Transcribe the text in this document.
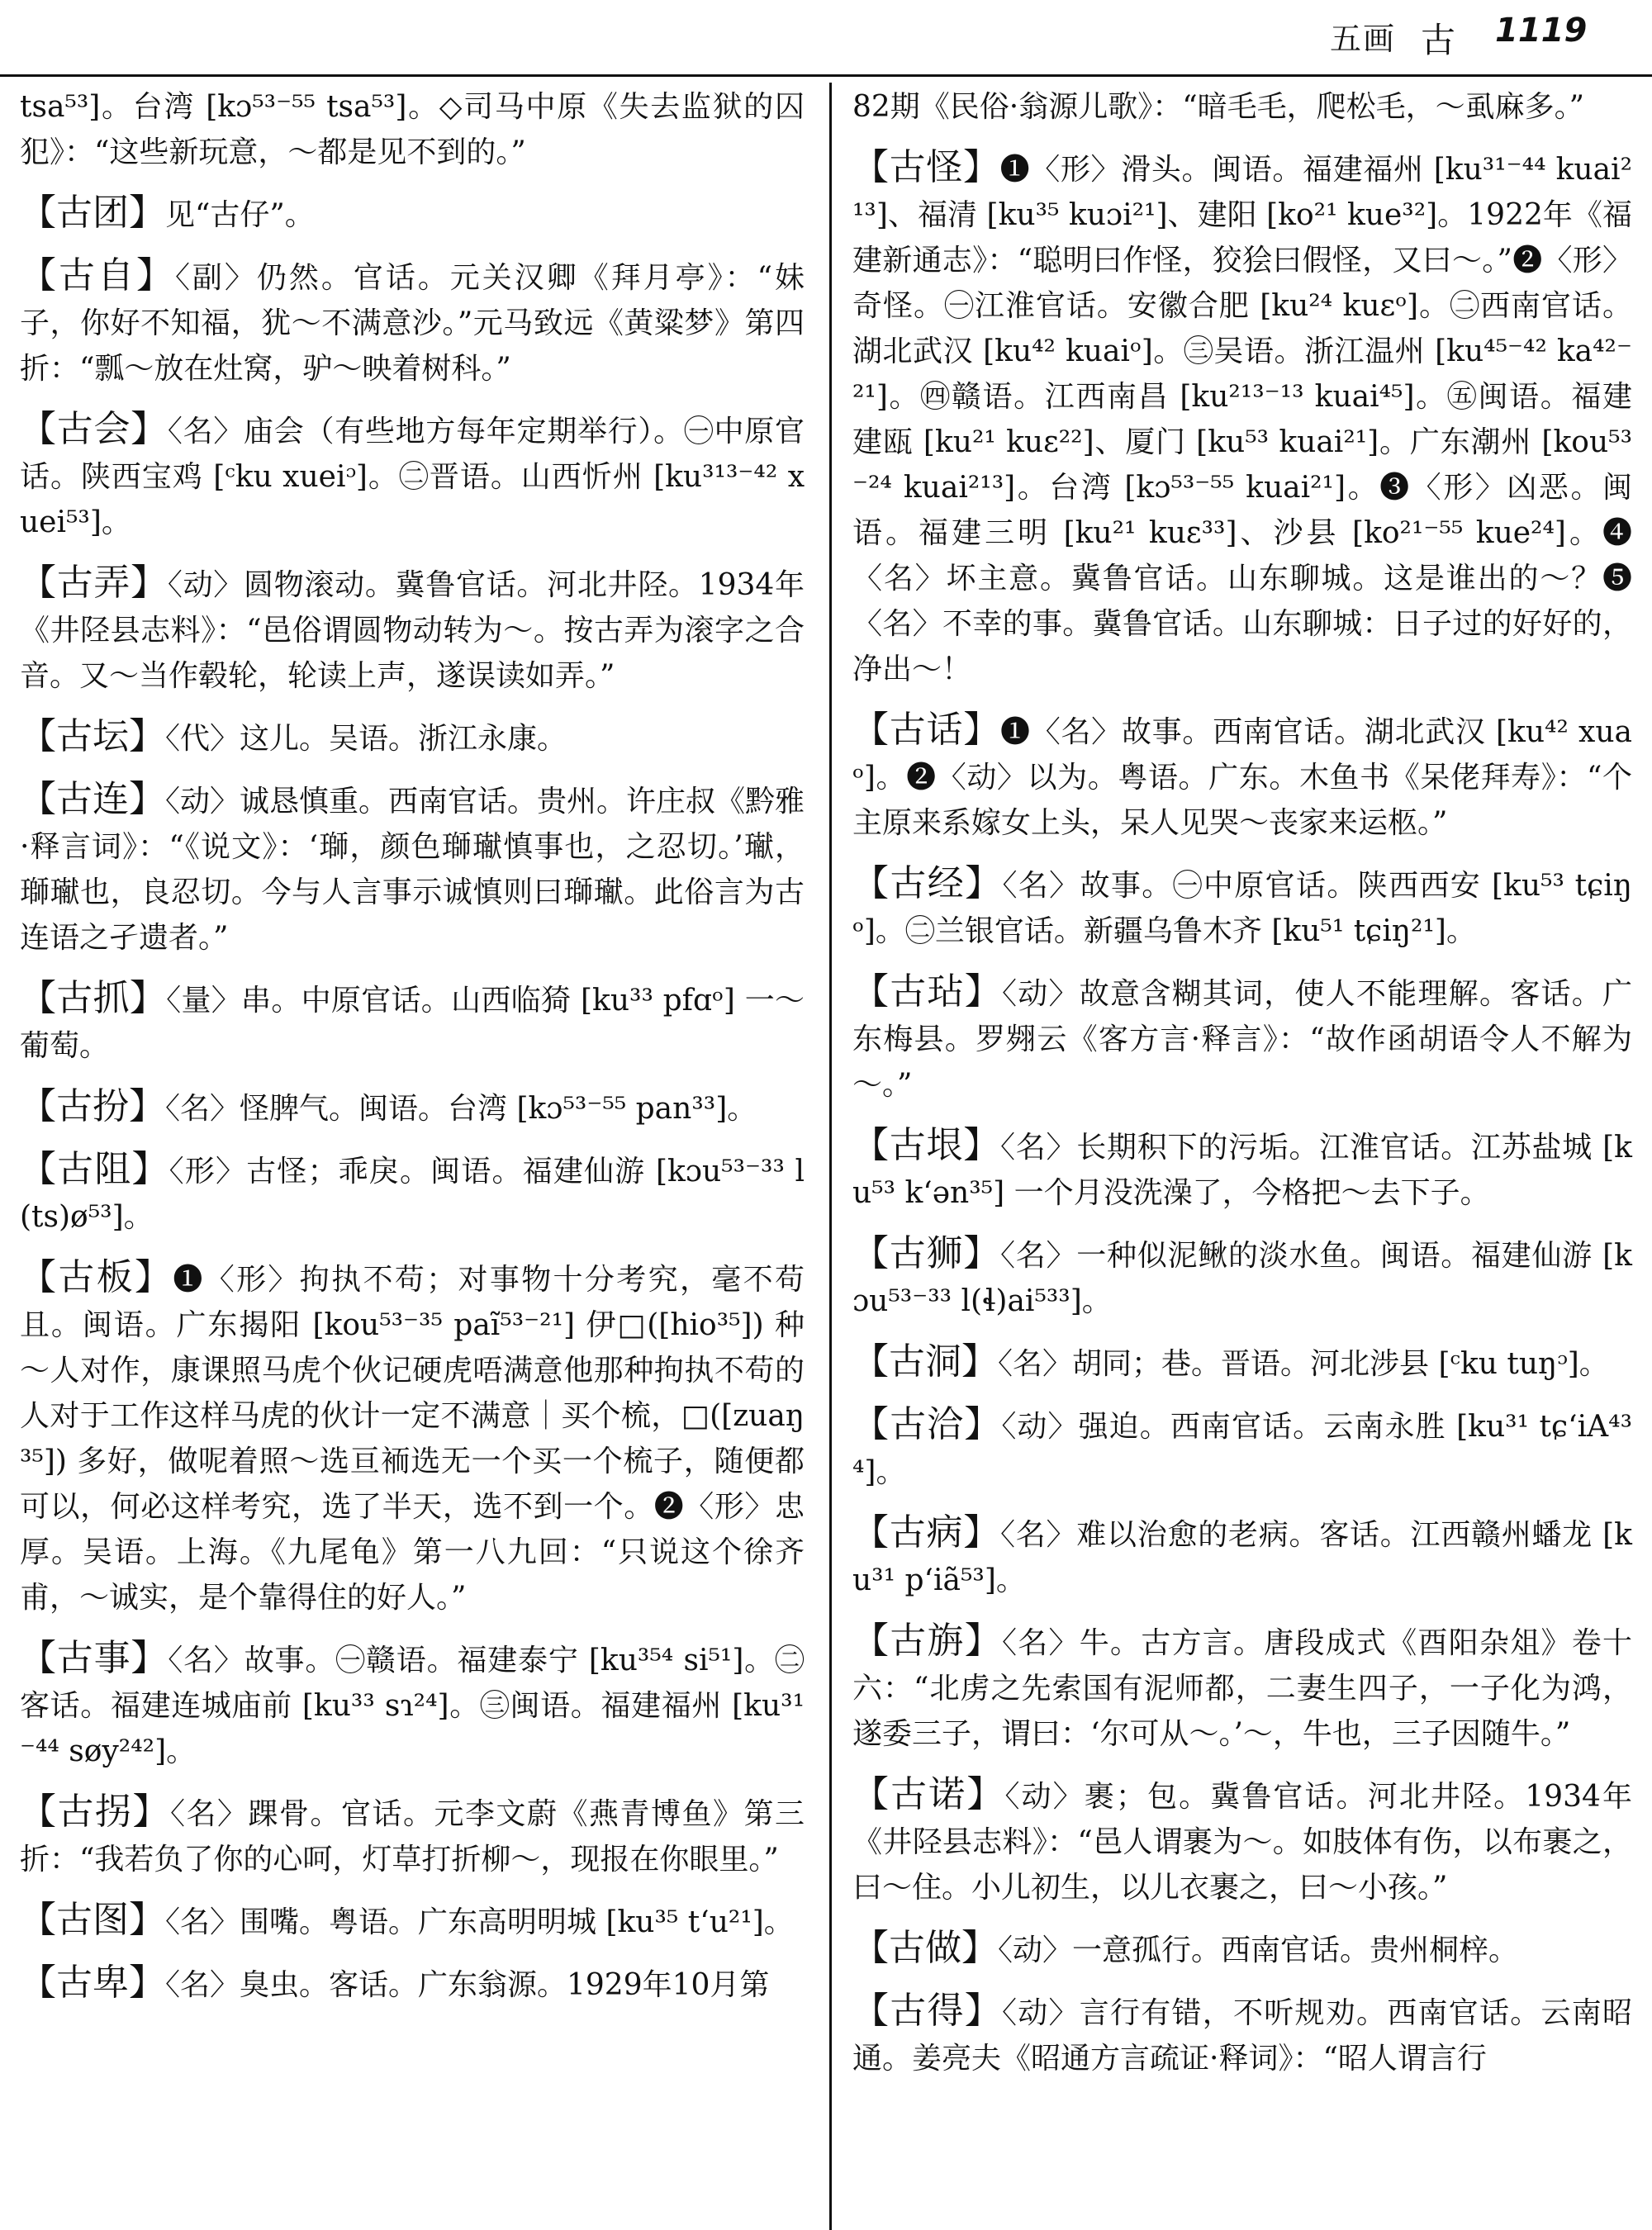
五画 古 1119

tsa⁵³]。台湾 [kɔ⁵³⁻⁵⁵ tsa⁵³]。◇司马中原《失去监狱的囚犯》：“这些新玩意，～都是见不到的。”

【古团】见“古仔”。

【古自】〈副〉仍然。官话。元关汉卿《拜月亭》：“妹子，你好不知福，犹～不满意沙。”元马致远《黄粱梦》第四折：“瓢～放在灶窝，驴～映着树科。”

【古会】〈名〉庙会（有些地方每年定期举行）。㊀中原官话。陕西宝鸡 [ᶜku xueiᵓ]。㊁晋语。山西忻州 [ku³¹³⁻⁴² xuei⁵³]。

【古弄】〈动〉圆物滚动。冀鲁官话。河北井陉。1934年《井陉县志料》：“邑俗谓圆物动转为～。按古弄为滚字之合音。又～当作毂轮，轮读上声，遂误读如弄。”

【古坛】〈代〉这儿。吴语。浙江永康。

【古连】〈动〉诚恳慎重。西南官话。贵州。许庄叔《黔雅·释言词》：“《说文》：‘瑡，颜色瑡𤩽慎事也，之忍切。’𤩽，瑡𤩽也，良忍切。今与人言事示诚慎则曰瑡𤩽。此俗言为古连语之孑遗者。”

【古抓】〈量〉串。中原官话。山西临猗 [ku³³ pfɑᵒ] 一～葡萄。

【古扮】〈名〉怪脾气。闽语。台湾 [kɔ⁵³⁻⁵⁵ pan³³]。

【古阻】〈形〉古怪；乖戾。闽语。福建仙游 [kɔu⁵³⁻³³ l(ts)ø⁵³]。

【古板】❶〈形〉拘执不苟；对事物十分考究，毫不苟且。闽语。广东揭阳 [kou⁵³⁻³⁵ paĩ⁵³⁻²¹] 伊□([hio³⁵]) 种～人对作，康课照马虎个伙记硬虎唔满意他那种拘执不苟的人对于工作这样马虎的伙计一定不满意｜买个梳，□([zuaŋ³⁵]) 多好，做呢着照～选亘袻选无一个买一个梳子，随便都可以，何必这样考究，选了半天，选不到一个。❷〈形〉忠厚。吴语。上海。《九尾龟》第一八九回：“只说这个徐齐甫，～诚实，是个靠得住的好人。”

【古事】〈名〉故事。㊀赣语。福建泰宁 [ku³⁵⁴ si⁵¹]。㊁客话。福建连城庙前 [ku³³ sɿ²⁴]。㊂闽语。福建福州 [ku³¹⁻⁴⁴ søy²⁴²]。

【古拐】〈名〉踝骨。官话。元李文蔚《燕青博鱼》第三折：“我若负了你的心呵，灯草打折柳～，现报在你眼里。”

【古图】〈名〉围嘴。粤语。广东高明明城 [ku³⁵ t‘u²¹]。

【古卑】〈名〉臭虫。客话。广东翁源。1929年10月第

82期《民俗·翁源儿歌》：“暗毛毛，爬松毛，～虱麻多。”

【古怪】❶〈形〉滑头。闽语。福建福州 [ku³¹⁻⁴⁴ kuai²¹³]、福清 [ku³⁵ kuɔi²¹]、建阳 [ko²¹ kue³²]。1922年《福建新通志》：“聪明曰作怪，狡狯曰假怪，又曰～。”❷〈形〉奇怪。㊀江淮官话。安徽合肥 [ku²⁴ kuɛᵒ]。㊁西南官话。湖北武汉 [ku⁴² kuaiᵒ]。㊂吴语。浙江温州 [ku⁴⁵⁻⁴² ka⁴²⁻²¹]。㊃赣语。江西南昌 [ku²¹³⁻¹³ kuai⁴⁵]。㊄闽语。福建建瓯 [ku²¹ kuɛ²²]、厦门 [ku⁵³ kuai²¹]。广东潮州 [kou⁵³⁻²⁴ kuai²¹³]。台湾 [kɔ⁵³⁻⁵⁵ kuai²¹]。❸〈形〉凶恶。闽语。福建三明 [ku²¹ kuɛ³³]、沙县 [ko²¹⁻⁵⁵ kue²⁴]。❹〈名〉坏主意。冀鲁官话。山东聊城。这是谁出的～？❺〈名〉不幸的事。冀鲁官话。山东聊城：日子过的好好的，净出～！

【古话】❶〈名〉故事。西南官话。湖北武汉 [ku⁴² xuaᵒ]。❷〈动〉以为。粤语。广东。木鱼书《呆佬拜寿》：“个主原来系嫁女上头，呆人见哭～丧家来运柩。”

【古经】〈名〉故事。㊀中原官话。陕西西安 [ku⁵³ tɕiŋᵒ]。㊁兰银官话。新疆乌鲁木齐 [ku⁵¹ tɕiŋ²¹]。

【古玷】〈动〉故意含糊其词，使人不能理解。客话。广东梅县。罗翙云《客方言·释言》：“故作函胡语令人不解为～。”

【古垠】〈名〉长期积下的污垢。江淮官话。江苏盐城 [ku⁵³ k‘ən³⁵] 一个月没洗澡了，今格把～去下子。

【古狮】〈名〉一种似泥鳅的淡水鱼。闽语。福建仙游 [kɔu⁵³⁻³³ l(ɬ)ai⁵³³]。

【古洞】〈名〉胡同；巷。晋语。河北涉县 [ᶜku tuŋᵓ]。

【古洽】〈动〉强迫。西南官话。云南永胜 [ku³¹ tɕ‘iA⁴³⁴]。

【古病】〈名〉难以治愈的老病。客话。江西赣州蟠龙 [ku³¹ p‘iã⁵³]。

【古旃】〈名〉牛。古方言。唐段成式《酉阳杂俎》卷十六：“北虏之先索国有泥师都，二妻生四子，一子化为鸿，遂委三子，谓曰：‘尔可从～。’～，牛也，三子因随牛。”

【古诺】〈动〉裹；包。冀鲁官话。河北井陉。1934年《井陉县志料》：“邑人谓裹为～。如肢体有伤，以布裹之，曰～住。小儿初生，以儿衣裹之，曰～小孩。”

【古做】〈动〉一意孤行。西南官话。贵州桐梓。

【古得】〈动〉言行有错，不听规劝。西南官话。云南昭通。姜亮夫《昭通方言疏证·释词》：“昭人谓言行
